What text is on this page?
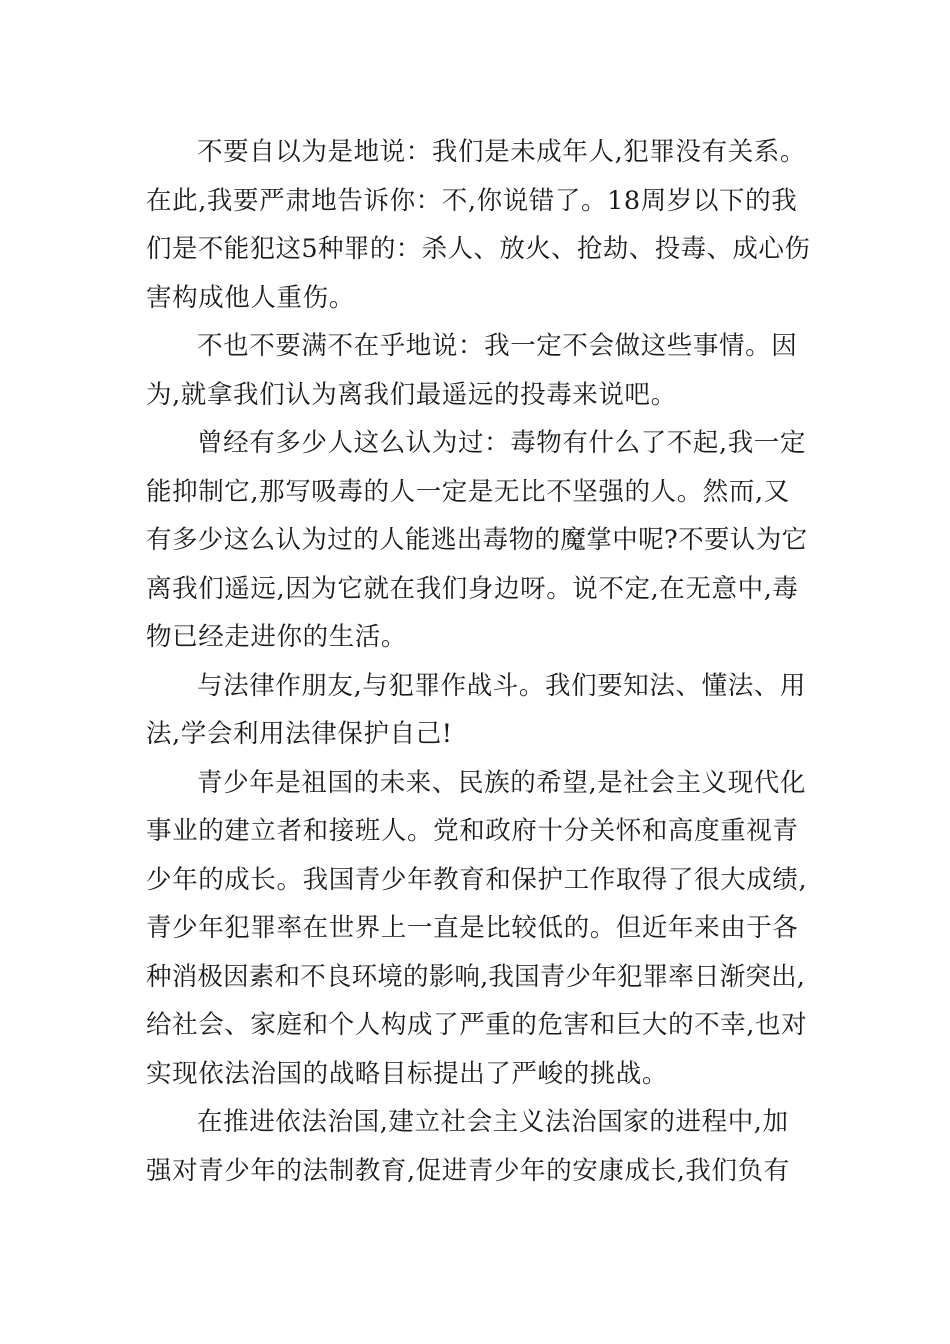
不要自以为是地说：我们是未成年人,犯罪没有关系。
在此,我要严肃地告诉你：不,你说错了。18周岁以下的我
们是不能犯这5种罪的：杀人、放火、抢劫、投毒、成心伤
害构成他人重伤。
不也不要满不在乎地说：我一定不会做这些事情。因
为,就拿我们认为离我们最遥远的投毒来说吧。
曾经有多少人这么认为过：毒物有什么了不起,我一定
能抑制它,那写吸毒的人一定是无比不坚强的人。然而,又
有多少这么认为过的人能逃出毒物的魔掌中呢?不要认为它
离我们遥远,因为它就在我们身边呀。说不定,在无意中,毒
物已经走进你的生活。
与法律作朋友,与犯罪作战斗。我们要知法、懂法、用
法,学会利用法律保护自己!
青少年是祖国的未来、民族的希望,是社会主义现代化
事业的建立者和接班人。党和政府十分关怀和高度重视青
少年的成长。我国青少年教育和保护工作取得了很大成绩,
青少年犯罪率在世界上一直是比较低的。但近年来由于各
种消极因素和不良环境的影响,我国青少年犯罪率日渐突出,
给社会、家庭和个人构成了严重的危害和巨大的不幸,也对
实现依法治国的战略目标提出了严峻的挑战。
在推进依法治国,建立社会主义法治国家的进程中,加
强对青少年的法制教育,促进青少年的安康成长,我们负有
